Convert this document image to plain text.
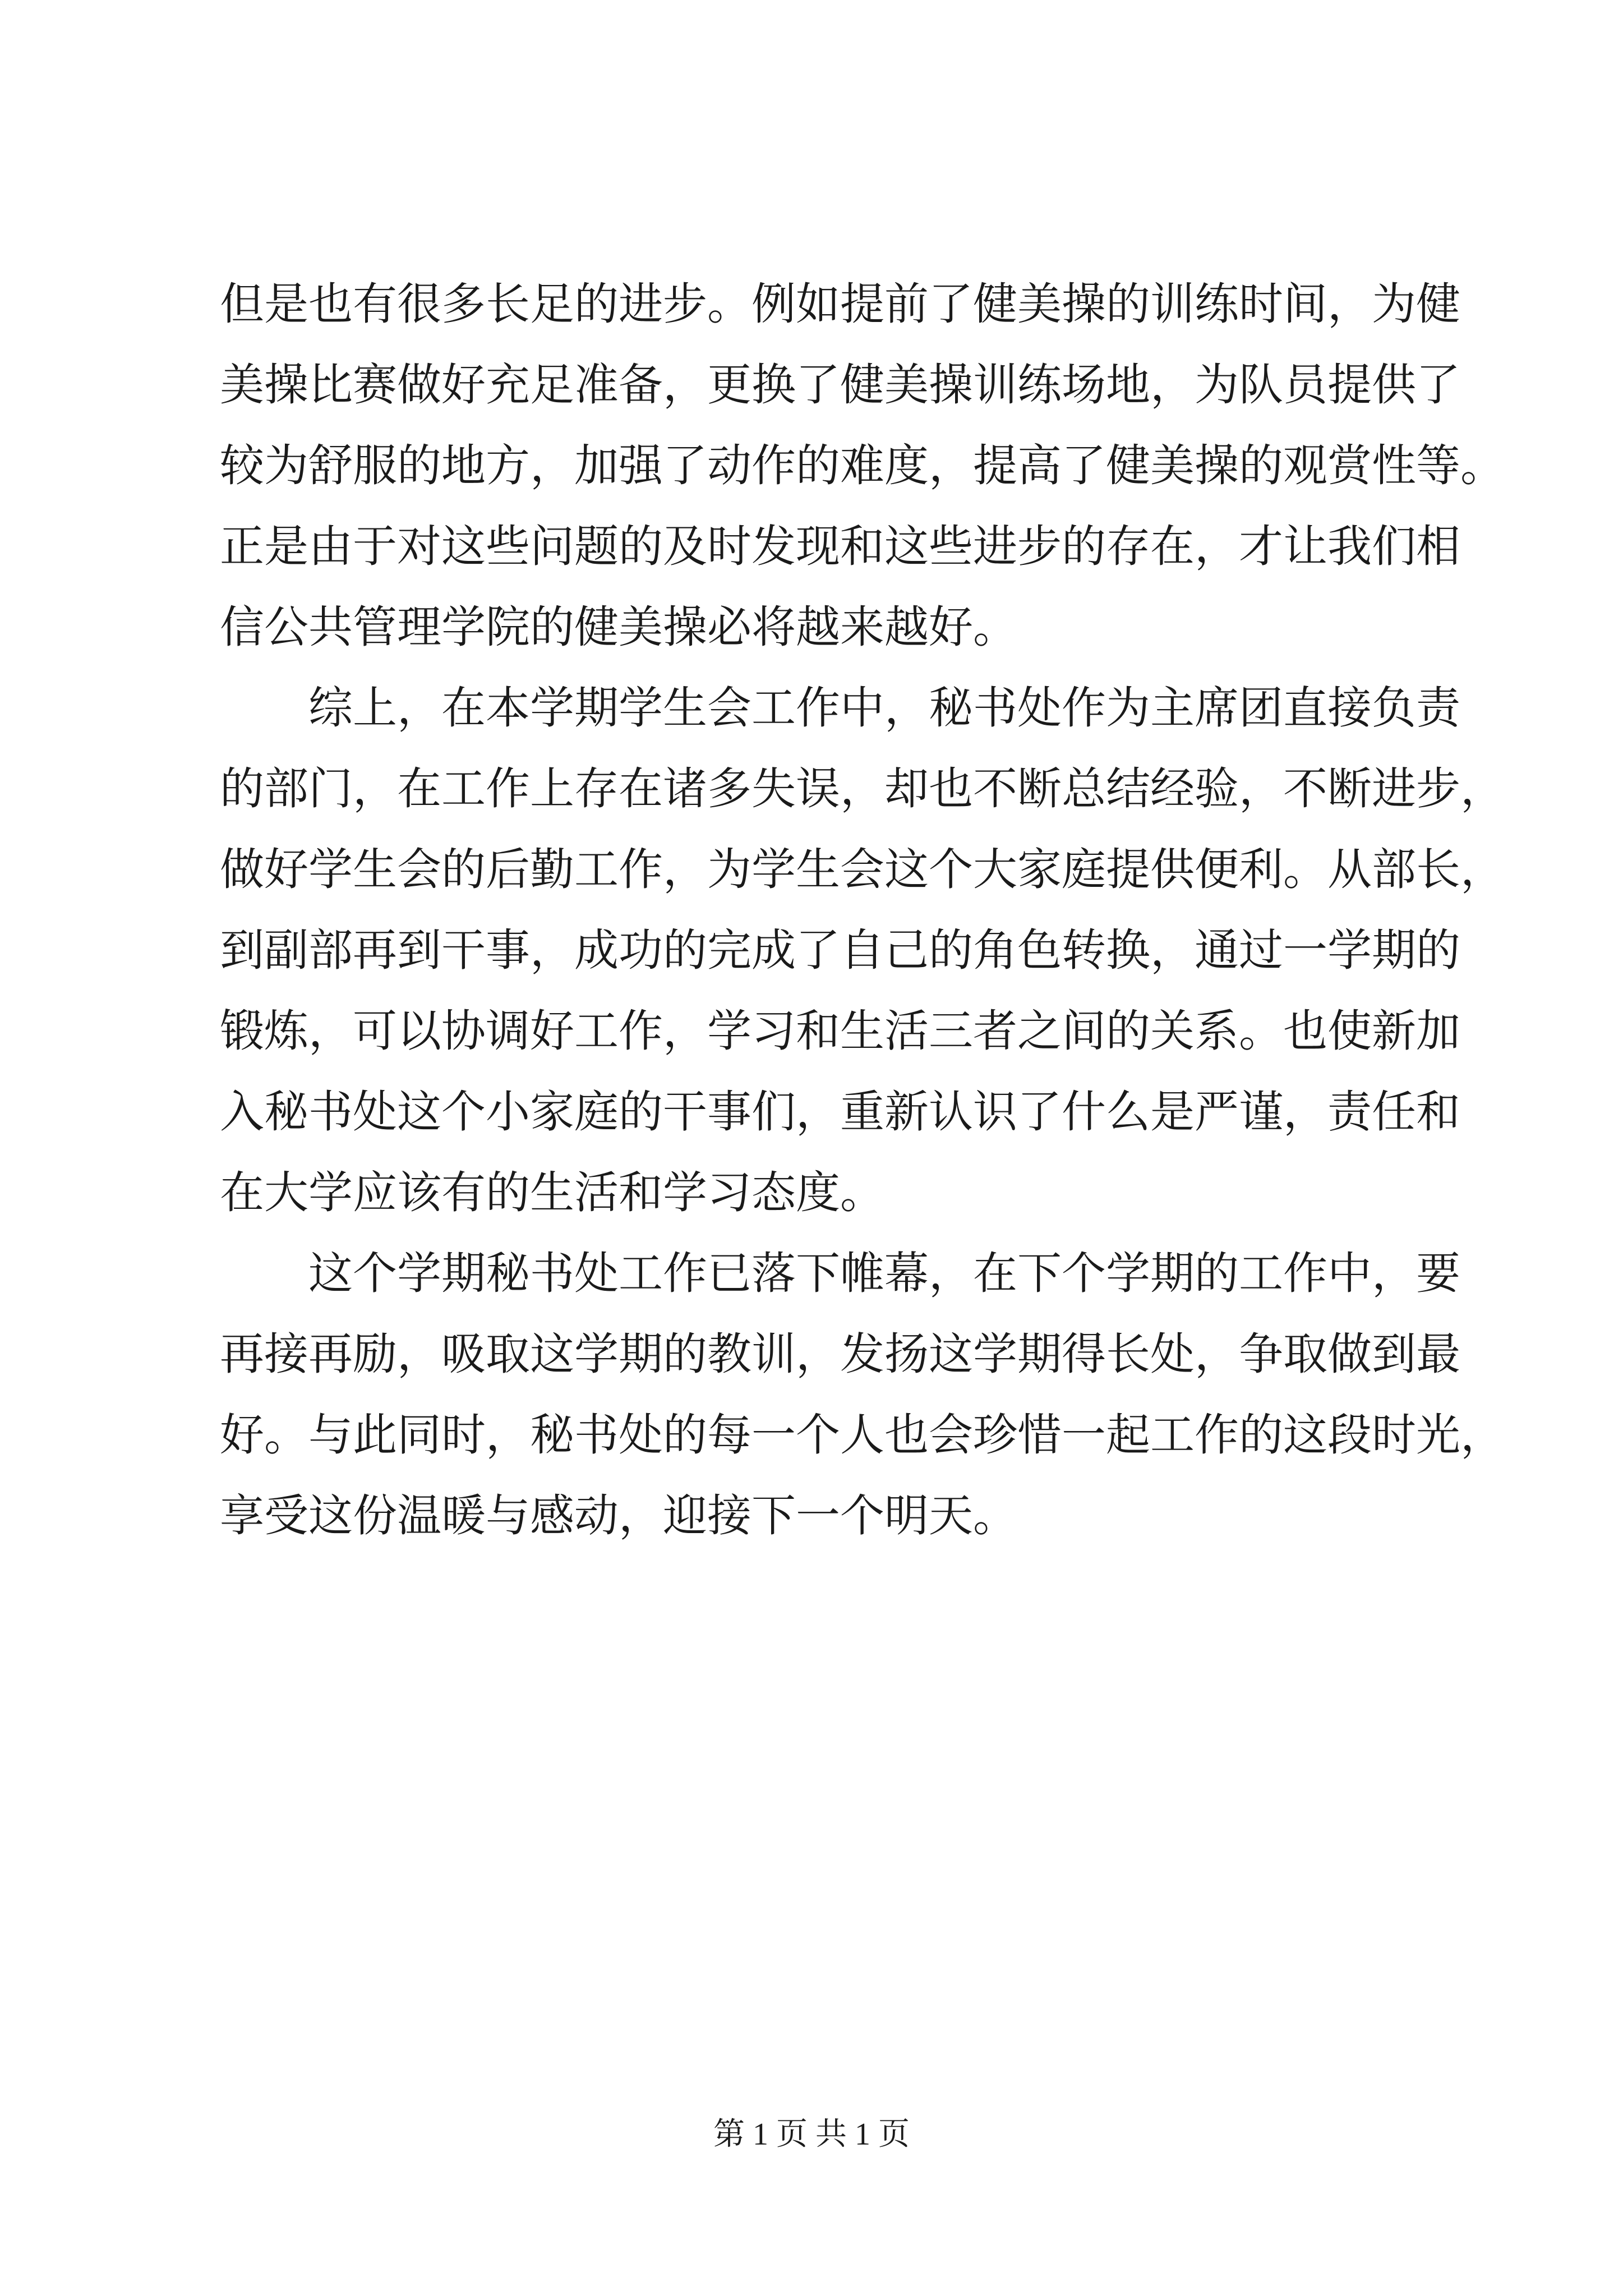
但是也有很多长足的进步。例如提前了健美操的训练时间，为健
美操比赛做好充足准备，更换了健美操训练场地，为队员提供了
较为舒服的地方，加强了动作的难度，提高了健美操的观赏性等。
正是由于对这些问题的及时发现和这些进步的存在，才让我们相
信公共管理学院的健美操必将越来越好。
　　综上，在本学期学生会工作中，秘书处作为主席团直接负责
的部门，在工作上存在诸多失误，却也不断总结经验，不断进步，
做好学生会的后勤工作，为学生会这个大家庭提供便利。从部长，
到副部再到干事，成功的完成了自己的角色转换，通过一学期的
锻炼，可以协调好工作，学习和生活三者之间的关系。也使新加
入秘书处这个小家庭的干事们，重新认识了什么是严谨，责任和
在大学应该有的生活和学习态度。
　　这个学期秘书处工作已落下帷幕，在下个学期的工作中，要
再接再励，吸取这学期的教训，发扬这学期得长处，争取做到最
好。与此同时，秘书处的每一个人也会珍惜一起工作的这段时光，
享受这份温暖与感动，迎接下一个明天。
第 1 页 共 1 页
